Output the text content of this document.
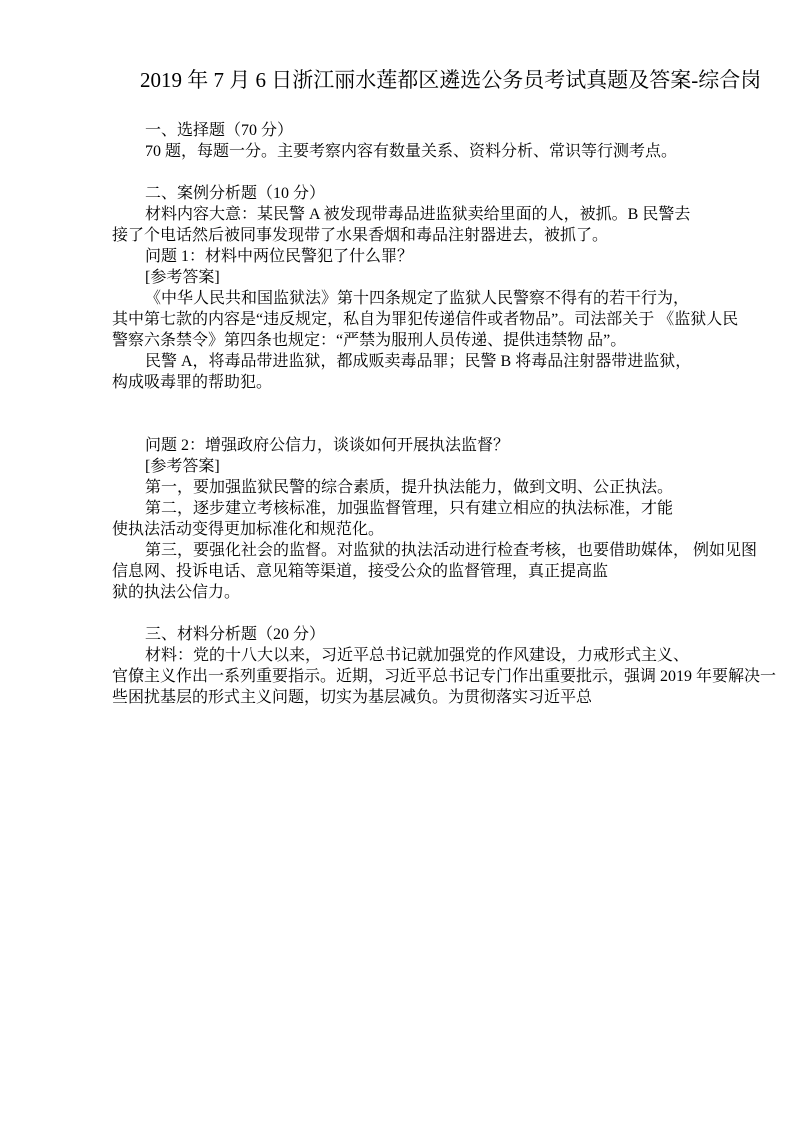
2019 年 7 月 6 日浙江丽水莲都区遴选公务员考试真题及答案-综合岗
一、选择题（70 分）
70 题，每题一分。主要考察内容有数量关系、资料分析、常识等行测考点。

二、案例分析题（10 分）
材料内容大意：某民警 A 被发现带毒品进监狱卖给里面的人，被抓。B 民警去
接了个电话然后被同事发现带了水果香烟和毒品注射器进去，被抓了。
问题 1：材料中两位民警犯了什么罪？
[参考答案]
《中华人民共和国监狱法》第十四条规定了监狱人民警察不得有的若干行为，
其中第七款的内容是“违反规定，私自为罪犯传递信件或者物品”。司法部关于 《监狱人民
警察六条禁令》第四条也规定：“严禁为服刑人员传递、提供违禁物 品”。
民警 A，将毒品带进监狱，都成贩卖毒品罪；民警 B 将毒品注射器带进监狱，
构成吸毒罪的帮助犯。

问题 2：增强政府公信力，谈谈如何开展执法监督？
[参考答案]
第一，要加强监狱民警的综合素质，提升执法能力，做到文明、公正执法。
第二，逐步建立考核标准，加强监督管理，只有建立相应的执法标准，才能
使执法活动变得更加标准化和规范化。
第三，要强化社会的监督。对监狱的执法活动进行检查考核，也要借助媒体， 例如见图
信息网、投诉电话、意见箱等渠道，接受公众的监督管理，真正提高监
狱的执法公信力。

三、材料分析题（20 分）
材料：党的十八大以来，习近平总书记就加强党的作风建设，力戒形式主义、
官僚主义作出一系列重要指示。近期，习近平总书记专门作出重要批示，强调 2019 年要解决一
些困扰基层的形式主义问题，切实为基层减负。为贯彻落实习近平总
